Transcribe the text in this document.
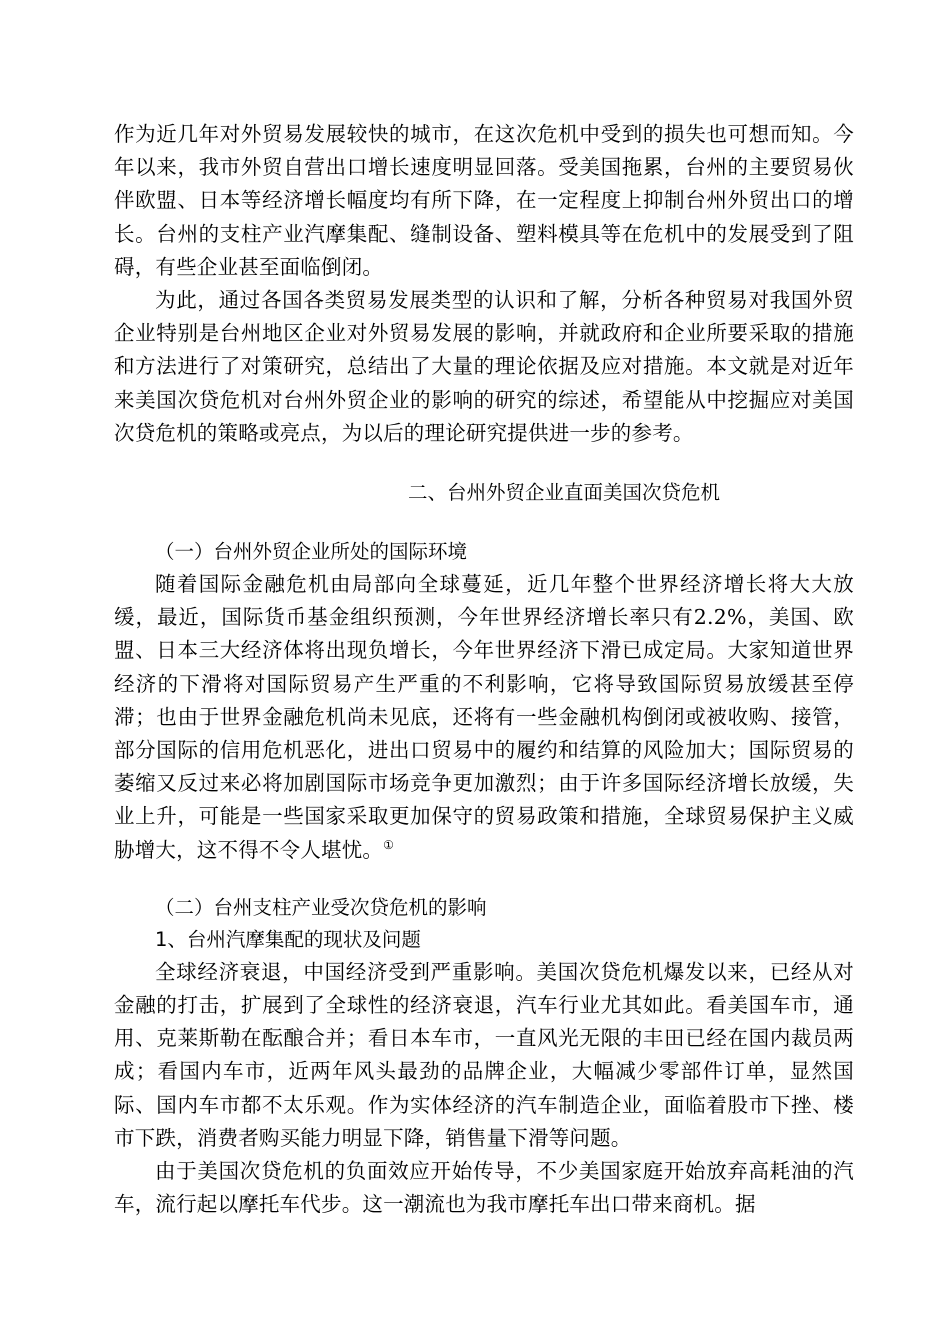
作为近几年对外贸易发展较快的城市，在这次危机中受到的损失也可想而知。今年以来，我市外贸自营出口增长速度明显回落。受美国拖累，台州的主要贸易伙伴欧盟、日本等经济增长幅度均有所下降，在一定程度上抑制台州外贸出口的增长。台州的支柱产业汽摩集配、缝制设备、塑料模具等在危机中的发展受到了阻碍，有些企业甚至面临倒闭。

为此，通过各国各类贸易发展类型的认识和了解，分析各种贸易对我国外贸企业特别是台州地区企业对外贸易发展的影响，并就政府和企业所要采取的措施和方法进行了对策研究，总结出了大量的理论依据及应对措施。本文就是对近年来美国次贷危机对台州外贸企业的影响的研究的综述，希望能从中挖掘应对美国次贷危机的策略或亮点，为以后的理论研究提供进一步的参考。

二、台州外贸企业直面美国次贷危机
（一）台州外贸企业所处的国际环境

随着国际金融危机由局部向全球蔓延，近几年整个世界经济增长将大大放缓，最近，国际货币基金组织预测，今年世界经济增长率只有2.2%，美国、欧盟、日本三大经济体将出现负增长，今年世界经济下滑已成定局。大家知道世界经济的下滑将对国际贸易产生严重的不利影响，它将导致国际贸易放缓甚至停滞；也由于世界金融危机尚未见底，还将有一些金融机构倒闭或被收购、接管，部分国际的信用危机恶化，进出口贸易中的履约和结算的风险加大；国际贸易的萎缩又反过来必将加剧国际市场竞争更加激烈；由于许多国际经济增长放缓，失业上升，可能是一些国家采取更加保守的贸易政策和措施，全球贸易保护主义威胁增大，这不得不令人堪忧。①

（二）台州支柱产业受次贷危机的影响
1、台州汽摩集配的现状及问题

全球经济衰退，中国经济受到严重影响。美国次贷危机爆发以来，已经从对金融的打击，扩展到了全球性的经济衰退，汽车行业尤其如此。看美国车市，通用、克莱斯勒在酝酿合并；看日本车市，一直风光无限的丰田已经在国内裁员两成；看国内车市，近两年风头最劲的品牌企业，大幅减少零部件订单，显然国际、国内车市都不太乐观。作为实体经济的汽车制造企业，面临着股市下挫、楼市下跌，消费者购买能力明显下降，销售量下滑等问题。

由于美国次贷危机的负面效应开始传导，不少美国家庭开始放弃高耗油的汽车，流行起以摩托车代步。这一潮流也为我市摩托车出口带来商机。据
